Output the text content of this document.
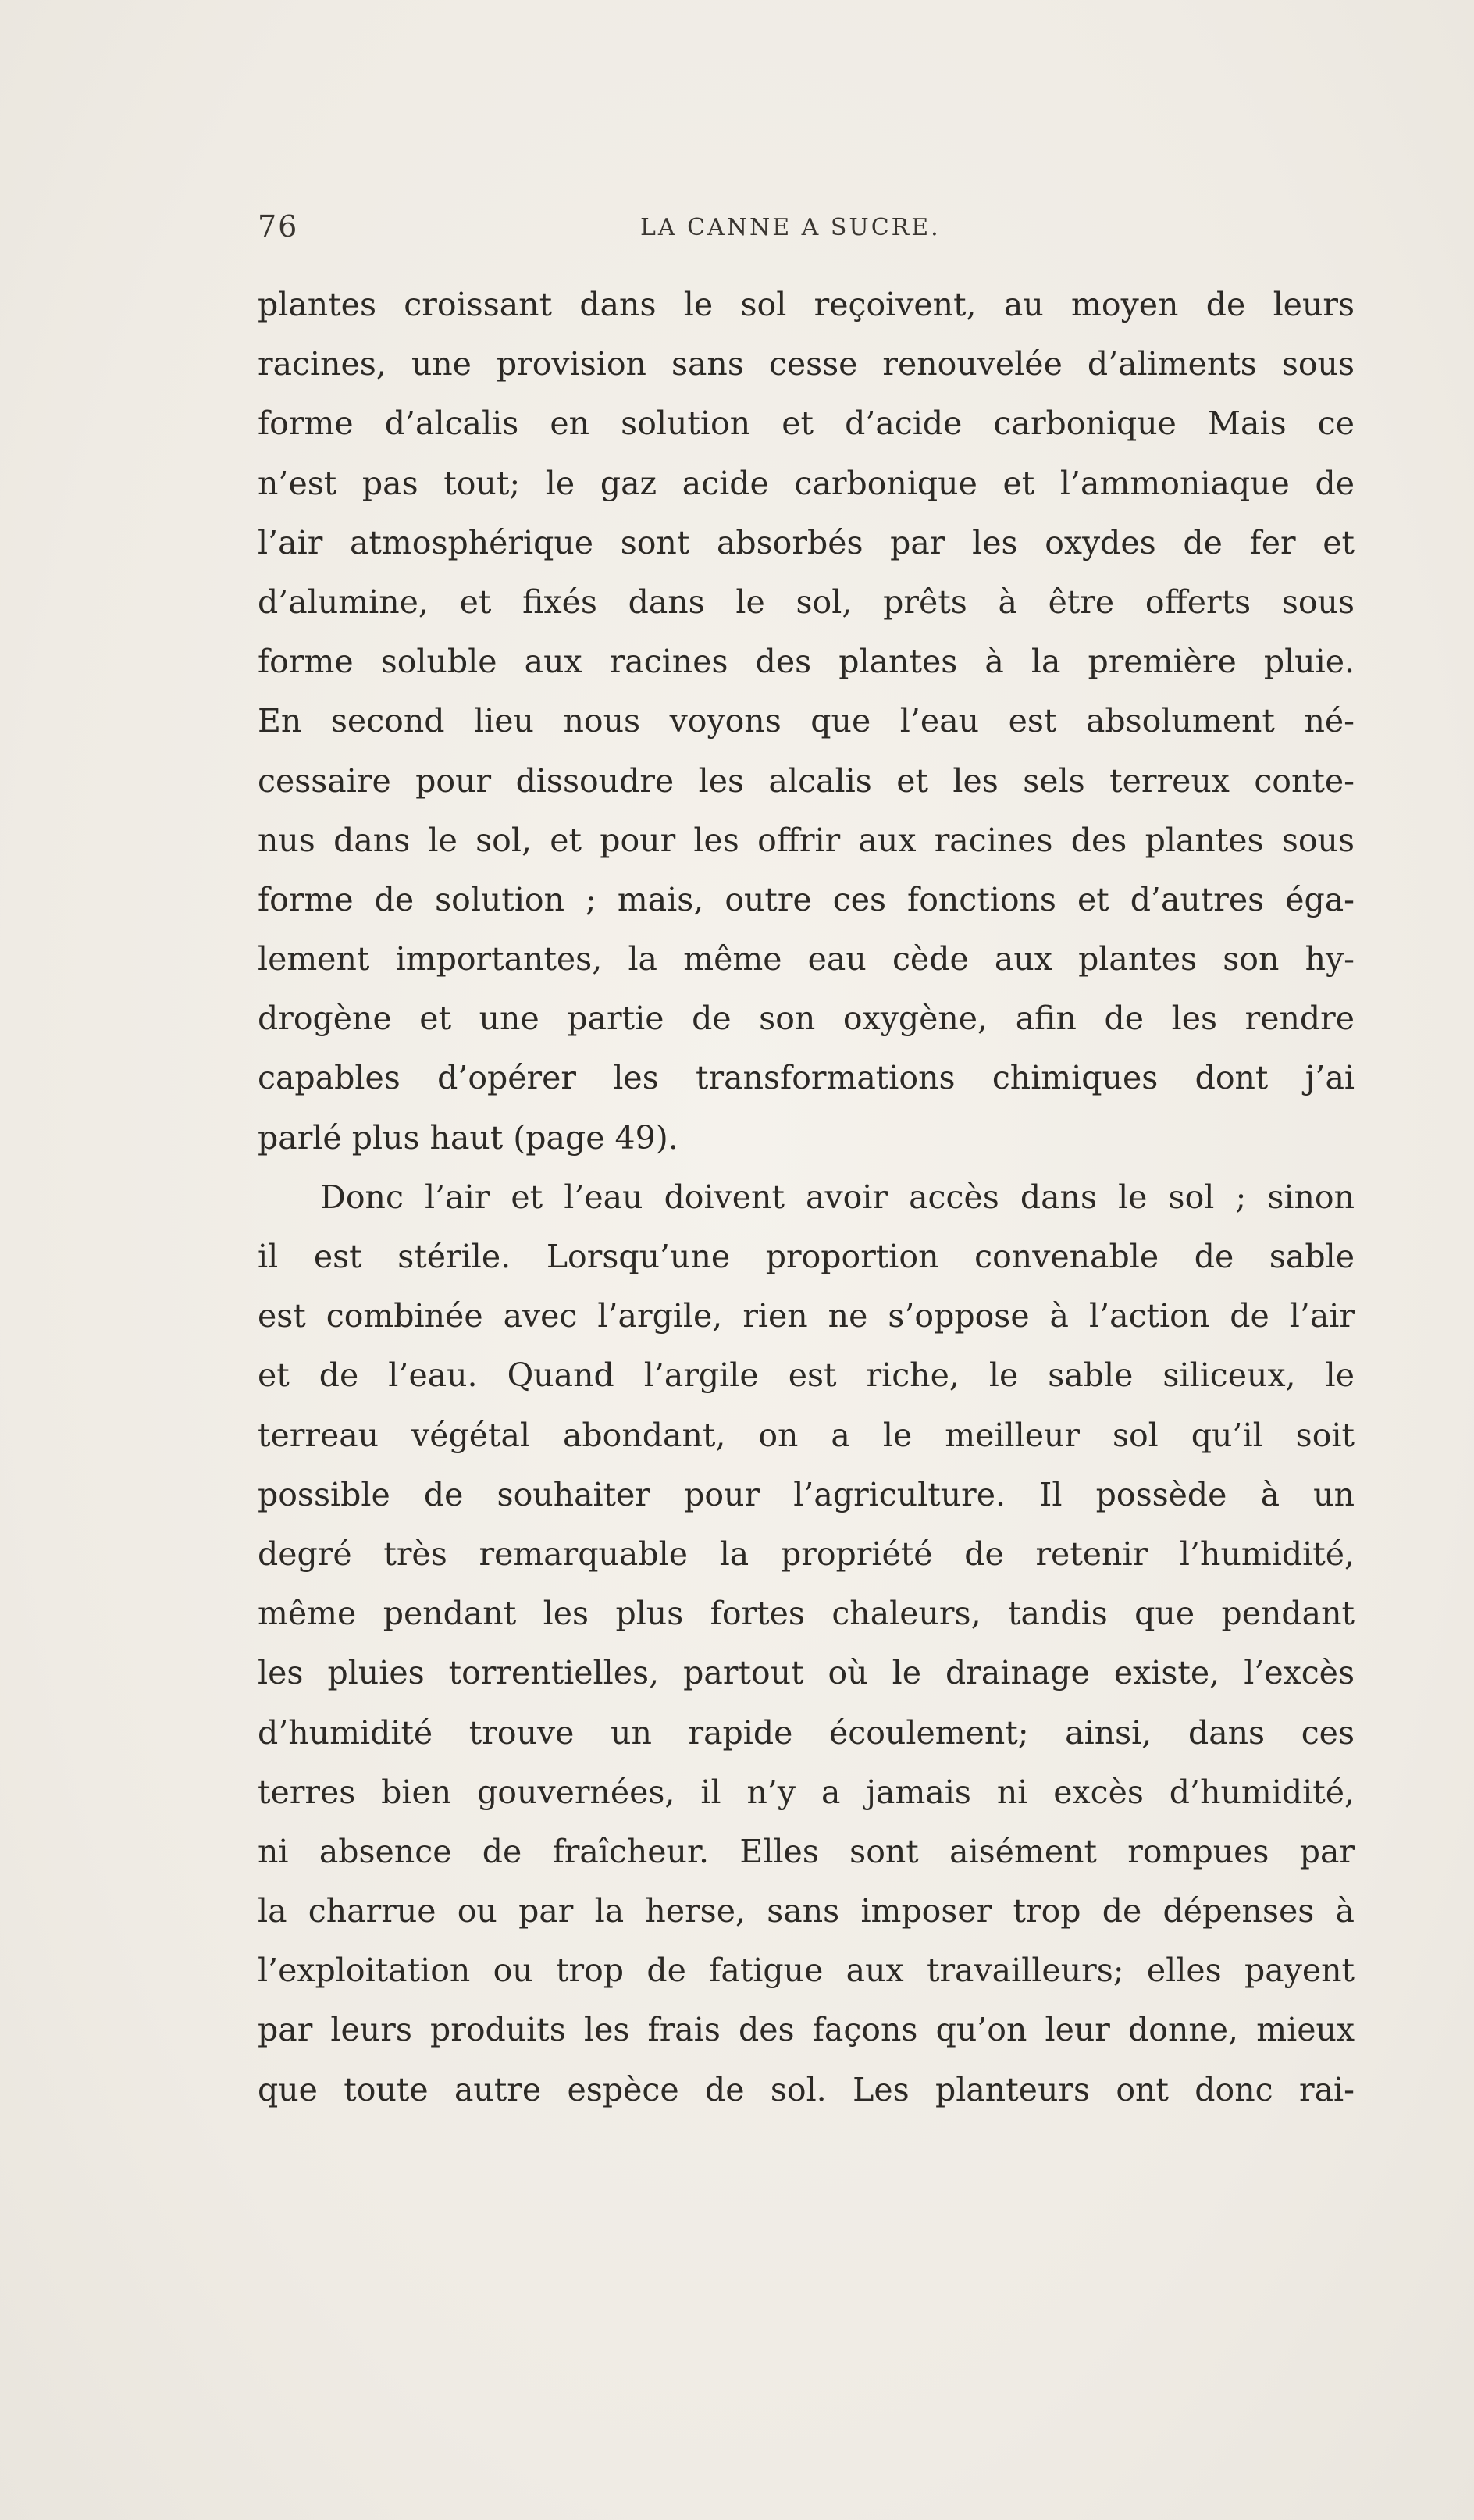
76	LA CANNE A SUCRE.
plantes croissant dans le sol reçoivent, au moyen de leurs
racines, une provision sans cesse renouvelée d’aliments sous
forme d’alcalis en solution et d’acide carbonique Mais ce
n’est pas tout; le gaz acide carbonique et l’ammoniaque de
l’air atmosphérique sont absorbés par les oxydes de fer et
d’alumine, et fixés dans le sol, prêts à être offerts sous
forme soluble aux racines des plantes à la première pluie.
En second lieu nous voyons que l’eau est absolument né-
cessaire pour dissoudre les alcalis et les sels terreux conte-
nus dans le sol, et pour les offrir aux racines des plantes sous
forme de solution ; mais, outre ces fonctions et d’autres éga-
lement importantes, la même eau cède aux plantes son hy-
drogène et une partie de son oxygène, afin de les rendre
capables d’opérer les transformations chimiques dont j’ai
parlé plus haut (page 49).
Donc l’air et l’eau doivent avoir accès dans le sol ; sinon
il est stérile. Lorsqu’une proportion convenable de sable
est combinée avec l’argile, rien ne s’oppose à l’action de l’air
et de l’eau. Quand l’argile est riche, le sable siliceux, le
terreau végétal abondant, on a le meilleur sol qu’il soit
possible de souhaiter pour l’agriculture. Il possède à un
degré très remarquable la propriété de retenir l’humidité,
même pendant les plus fortes chaleurs, tandis que pendant
les pluies torrentielles, partout où le drainage existe, l’excès
d’humidité trouve un rapide écoulement; ainsi, dans ces
terres bien gouvernées, il n’y a jamais ni excès d’humidité,
ni absence de fraîcheur. Elles sont aisément rompues par
la charrue ou par la herse, sans imposer trop de dépenses à
l’exploitation ou trop de fatigue aux travailleurs; elles payent
par leurs produits les frais des façons qu’on leur donne, mieux
que toute autre espèce de sol. Les planteurs ont donc rai-
